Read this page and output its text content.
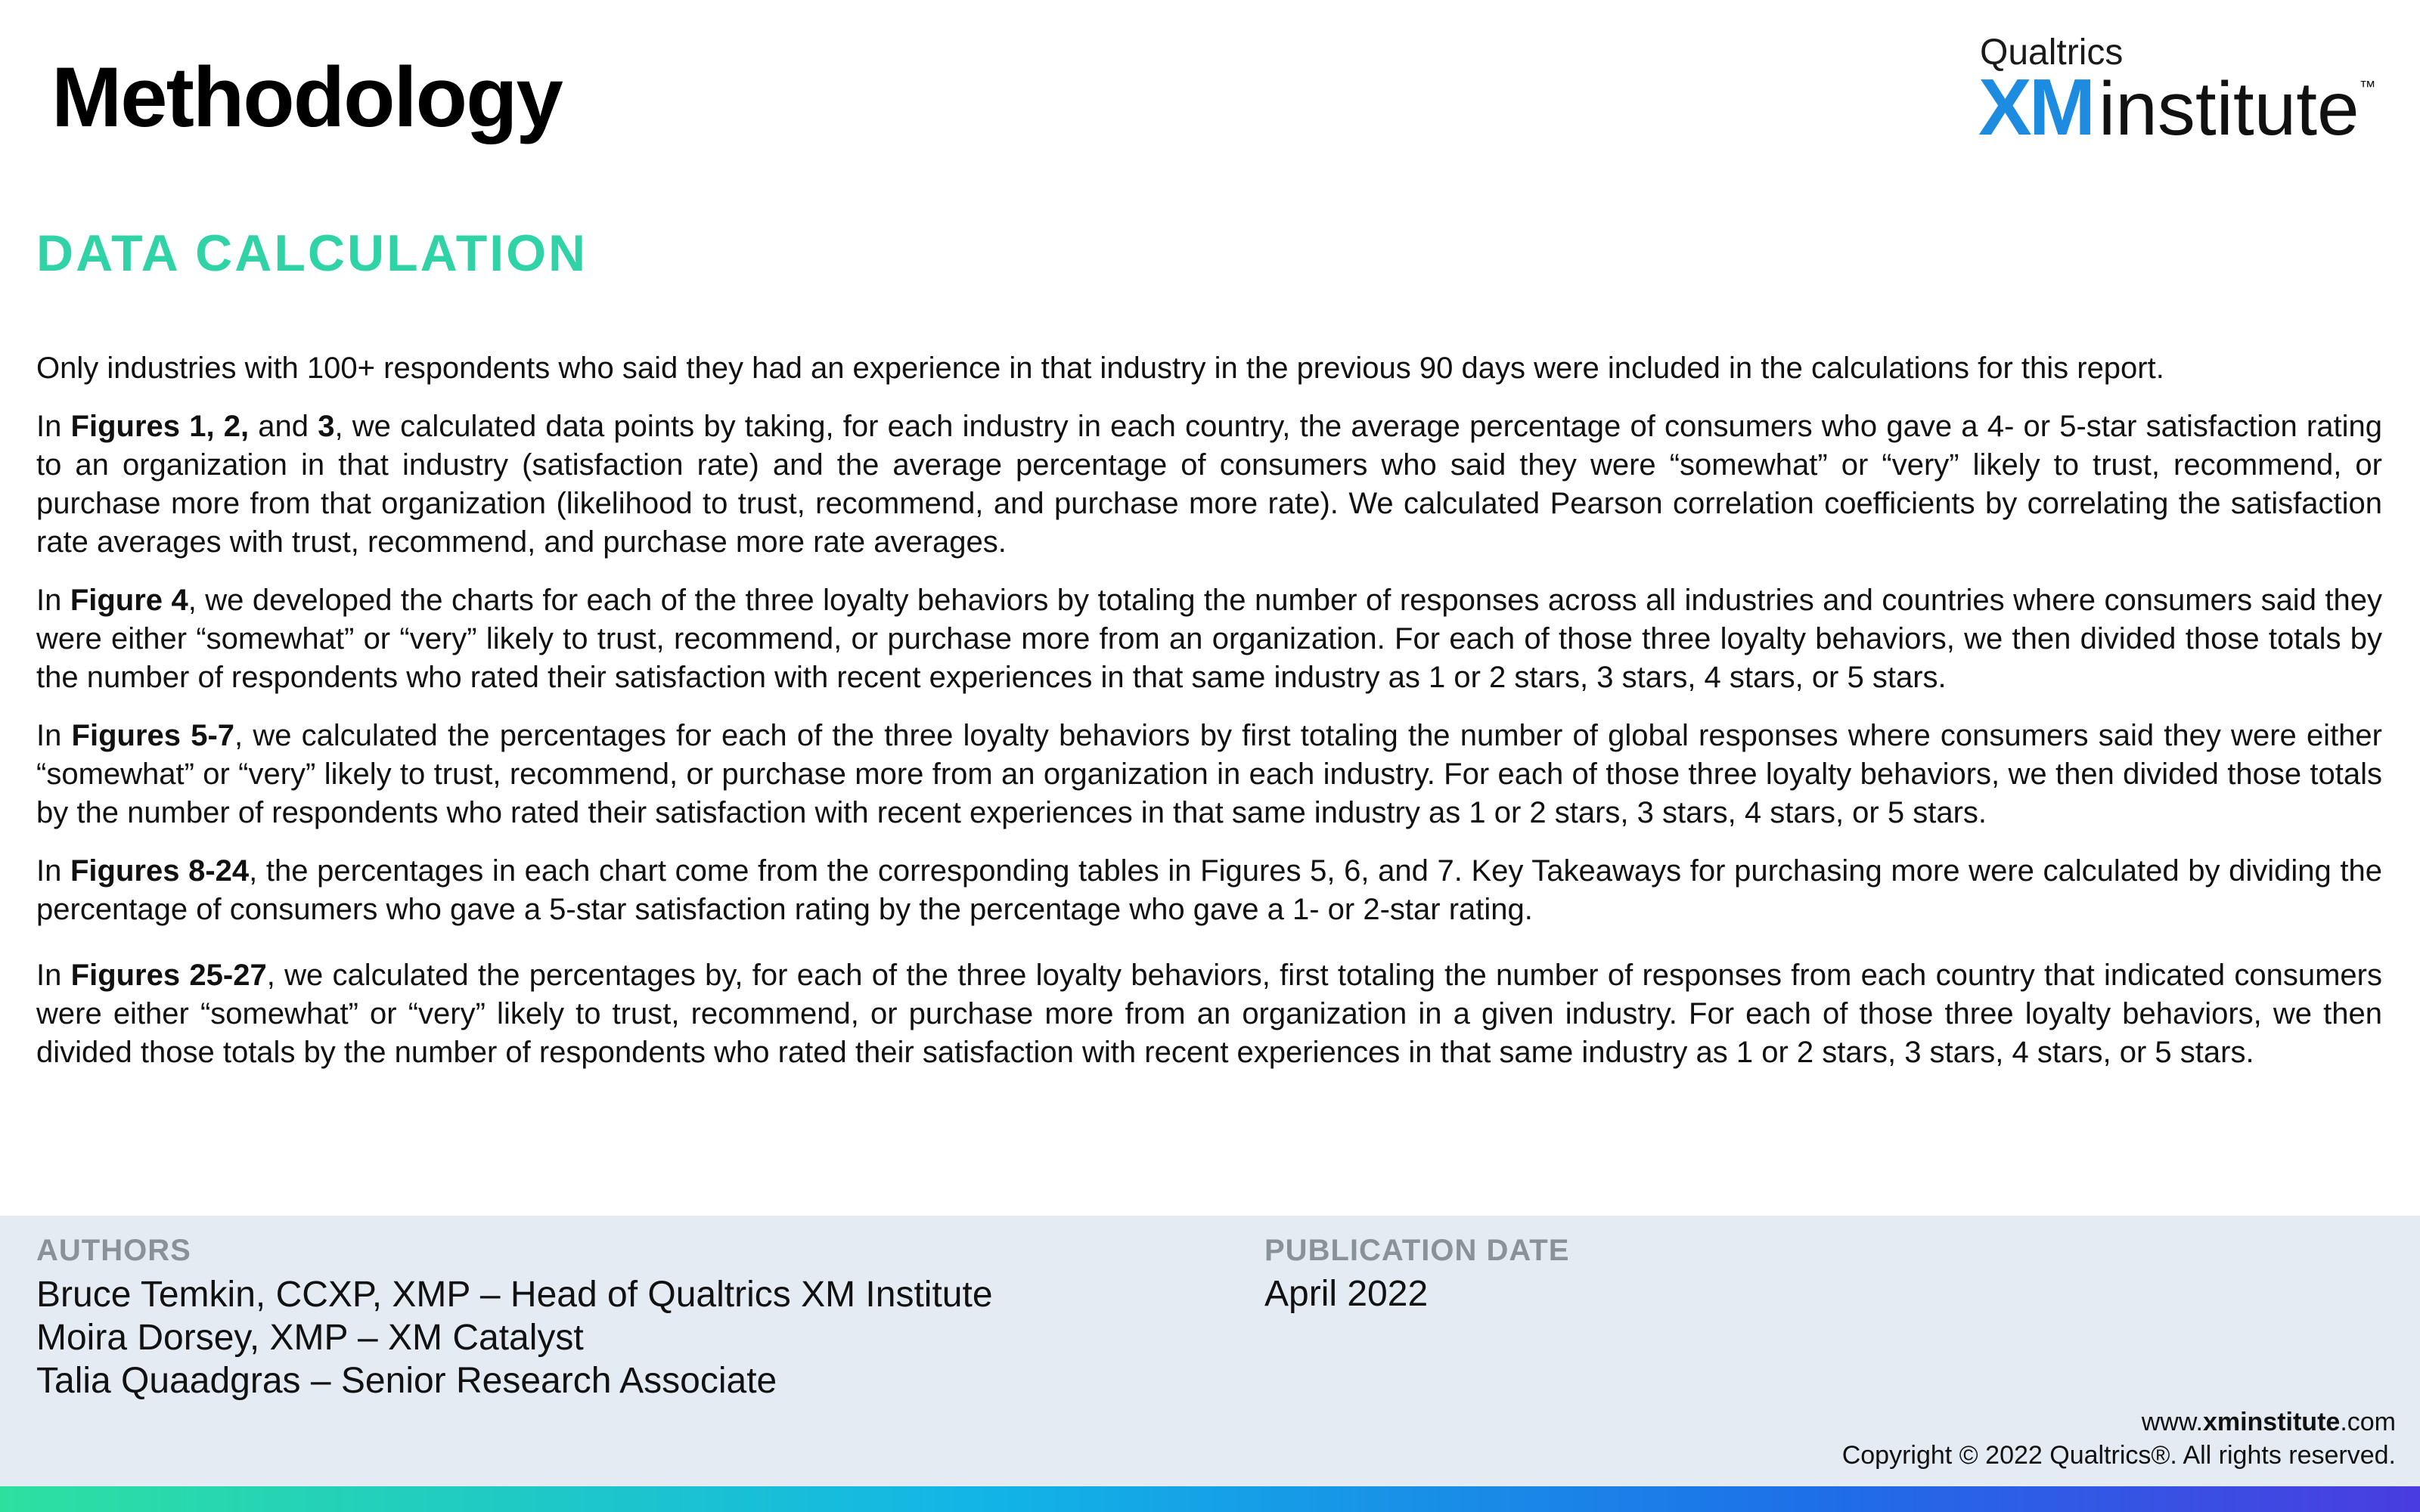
Methodology	Qualtrics
XMinstitute™
DATA CALCULATION

Only industries with 100+ respondents who said they had an experience in that industry in the previous 90 days were included in the calculations for this report.

In Figures 1, 2, and 3, we calculated data points by taking, for each industry in each country, the average percentage of consumers who gave a 4- or 5-star satisfaction rating to an organization in that industry (satisfaction rate) and the average percentage of consumers who said they were “somewhat” or “very” likely to trust, recommend, or purchase more from that organization (likelihood to trust, recommend, and purchase more rate). We calculated Pearson correlation coefficients by correlating the satisfaction rate averages with trust, recommend, and purchase more rate averages.

In Figure 4, we developed the charts for each of the three loyalty behaviors by totaling the number of responses across all industries and countries where consumers said they were either “somewhat” or “very” likely to trust, recommend, or purchase more from an organization. For each of those three loyalty behaviors, we then divided those totals by the number of respondents who rated their satisfaction with recent experiences in that same industry as 1 or 2 stars, 3 stars, 4 stars, or 5 stars.

In Figures 5-7, we calculated the percentages for each of the three loyalty behaviors by first totaling the number of global responses where consumers said they were either “somewhat” or “very” likely to trust, recommend, or purchase more from an organization in each industry. For each of those three loyalty behaviors, we then divided those totals by the number of respondents who rated their satisfaction with recent experiences in that same industry as 1 or 2 stars, 3 stars, 4 stars, or 5 stars.

In Figures 8-24, the percentages in each chart come from the corresponding tables in Figures 5, 6, and 7. Key Takeaways for purchasing more were calculated by dividing the percentage of consumers who gave a 5-star satisfaction rating by the percentage who gave a 1- or 2-star rating.

In Figures 25-27, we calculated the percentages by, for each of the three loyalty behaviors, first totaling the number of responses from each country that indicated consumers were either “somewhat” or “very” likely to trust, recommend, or purchase more from an organization in a given industry. For each of those three loyalty behaviors, we then divided those totals by the number of respondents who rated their satisfaction with recent experiences in that same industry as 1 or 2 stars, 3 stars, 4 stars, or 5 stars.

AUTHORS
Bruce Temkin, CCXP, XMP – Head of Qualtrics XM Institute
Moira Dorsey, XMP – XM Catalyst
Talia Quaadgras – Senior Research Associate
PUBLICATION DATE
April 2022
www.xminstitute.com
Copyright © 2022 Qualtrics®. All rights reserved.
